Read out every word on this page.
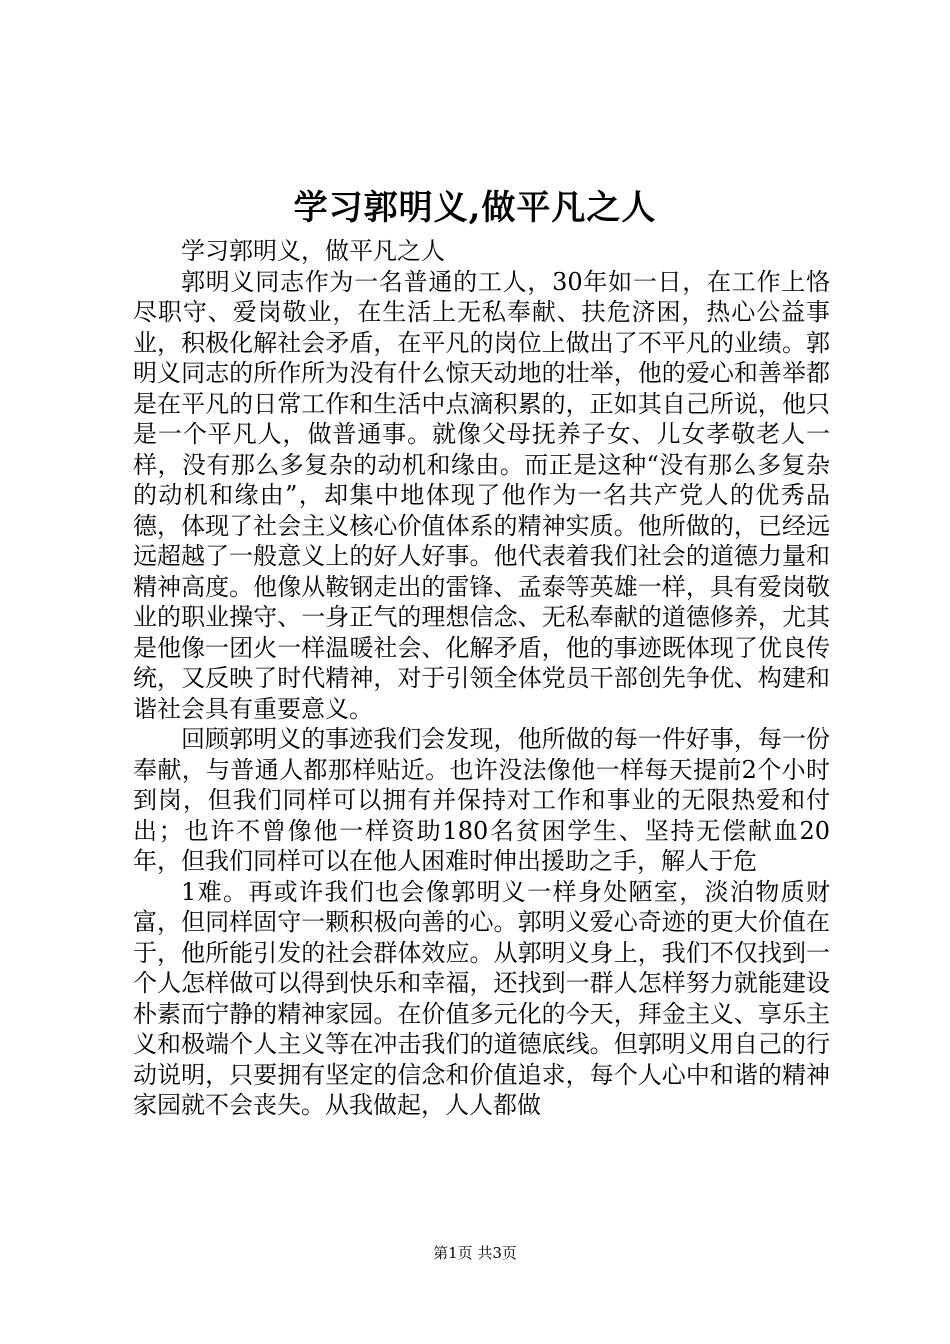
学习郭明义,做平凡之人

学习郭明义，做平凡之人

郭明义同志作为一名普通的工人，30年如一日，在工作上恪尽职守、爱岗敬业，在生活上无私奉献、扶危济困，热心公益事业，积极化解社会矛盾，在平凡的岗位上做出了不平凡的业绩。郭明义同志的所作所为没有什么惊天动地的壮举，他的爱心和善举都是在平凡的日常工作和生活中点滴积累的，正如其自己所说，他只是一个平凡人，做普通事。就像父母抚养子女、儿女孝敬老人一样，没有那么多复杂的动机和缘由。而正是这种“没有那么多复杂的动机和缘由”，却集中地体现了他作为一名共产党人的优秀品德，体现了社会主义核心价值体系的精神实质。他所做的，已经远远超越了一般意义上的好人好事。他代表着我们社会的道德力量和精神高度。他像从鞍钢走出的雷锋、孟泰等英雄一样，具有爱岗敬业的职业操守、一身正气的理想信念、无私奉献的道德修养，尤其是他像一团火一样温暖社会、化解矛盾，他的事迹既体现了优良传统，又反映了时代精神，对于引领全体党员干部创先争优、构建和谐社会具有重要意义。

回顾郭明义的事迹我们会发现，他所做的每一件好事，每一份奉献，与普通人都那样贴近。也许没法像他一样每天提前2个小时到岗，但我们同样可以拥有并保持对工作和事业的无限热爱和付出；也许不曾像他一样资助180名贫困学生、坚持无偿献血20年，但我们同样可以在他人困难时伸出援助之手，解人于危

1难。再或许我们也会像郭明义一样身处陋室，淡泊物质财富，但同样固守一颗积极向善的心。郭明义爱心奇迹的更大价值在于，他所能引发的社会群体效应。从郭明义身上，我们不仅找到一个人怎样做可以得到快乐和幸福，还找到一群人怎样努力就能建设朴素而宁静的精神家园。在价值多元化的今天，拜金主义、享乐主义和极端个人主义等在冲击我们的道德底线。但郭明义用自己的行动说明，只要拥有坚定的信念和价值追求，每个人心中和谐的精神家园就不会丧失。从我做起，人人都做

第1页 共3页
